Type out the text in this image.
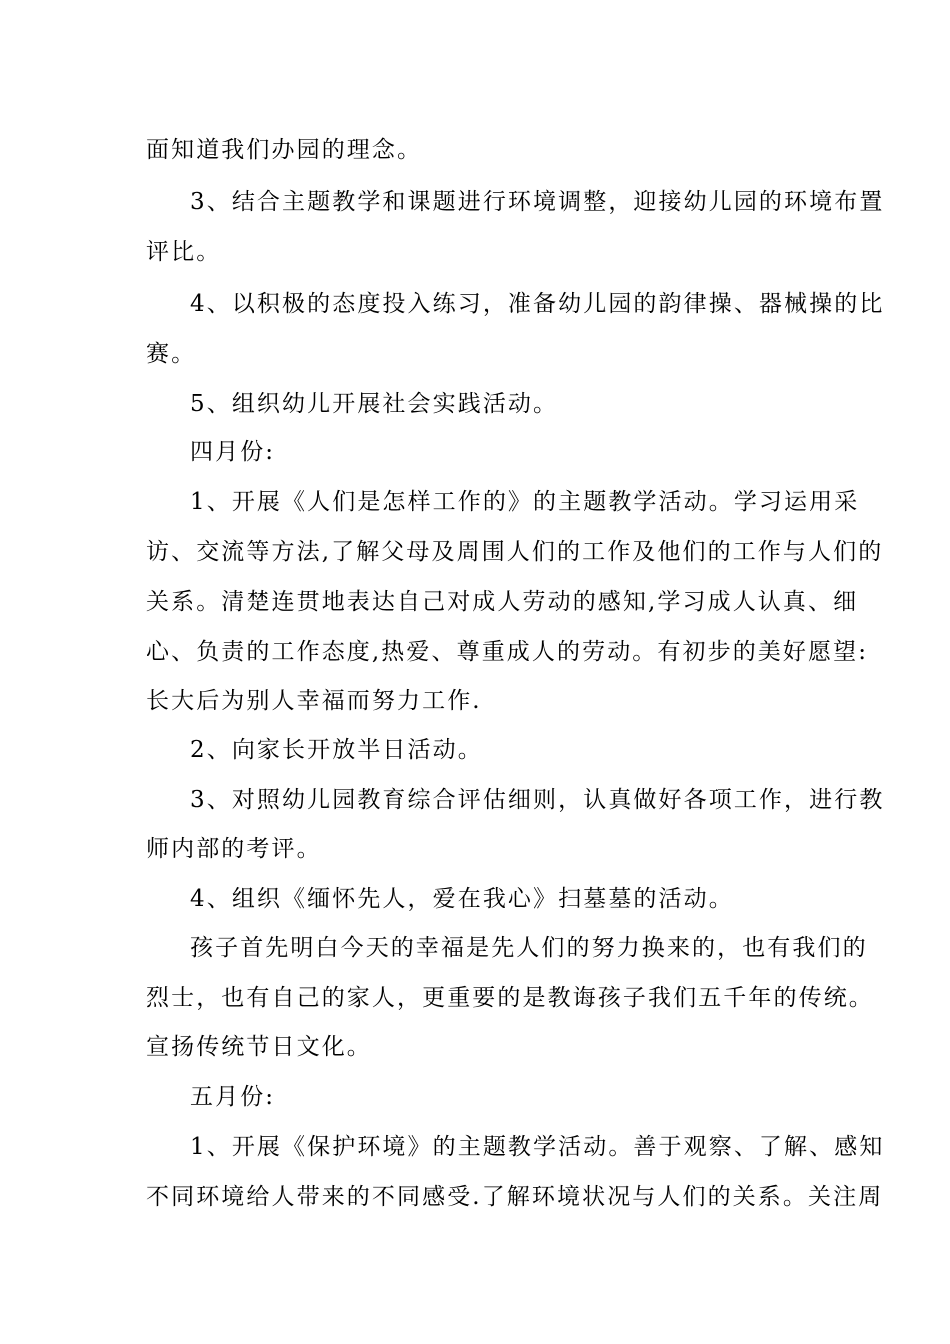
面知道我们办园的理念。
3、结合主题教学和课题进行环境调整，迎接幼儿园的环境布置
评比。
4、以积极的态度投入练习，准备幼儿园的韵律操、器械操的比
赛。
5、组织幼儿开展社会实践活动。
四月份:
1、开展《人们是怎样工作的》的主题教学活动。学习运用采
访、交流等方法,了解父母及周围人们的工作及他们的工作与人们的
关系。清楚连贯地表达自己对成人劳动的感知,学习成人认真、细
心、负责的工作态度,热爱、尊重成人的劳动。有初步的美好愿望:
长大后为别人幸福而努力工作.
2、向家长开放半日活动。
3、对照幼儿园教育综合评估细则，认真做好各项工作，进行教
师内部的考评。
4、组织《缅怀先人，爱在我心》扫墓墓的活动。
孩子首先明白今天的幸福是先人们的努力换来的，也有我们的
烈士，也有自己的家人，更重要的是教诲孩子我们五千年的传统。
宣扬传统节日文化。
五月份:
1、开展《保护环境》的主题教学活动。善于观察、了解、感知
不同环境给人带来的不同感受.了解环境状况与人们的关系。关注周
